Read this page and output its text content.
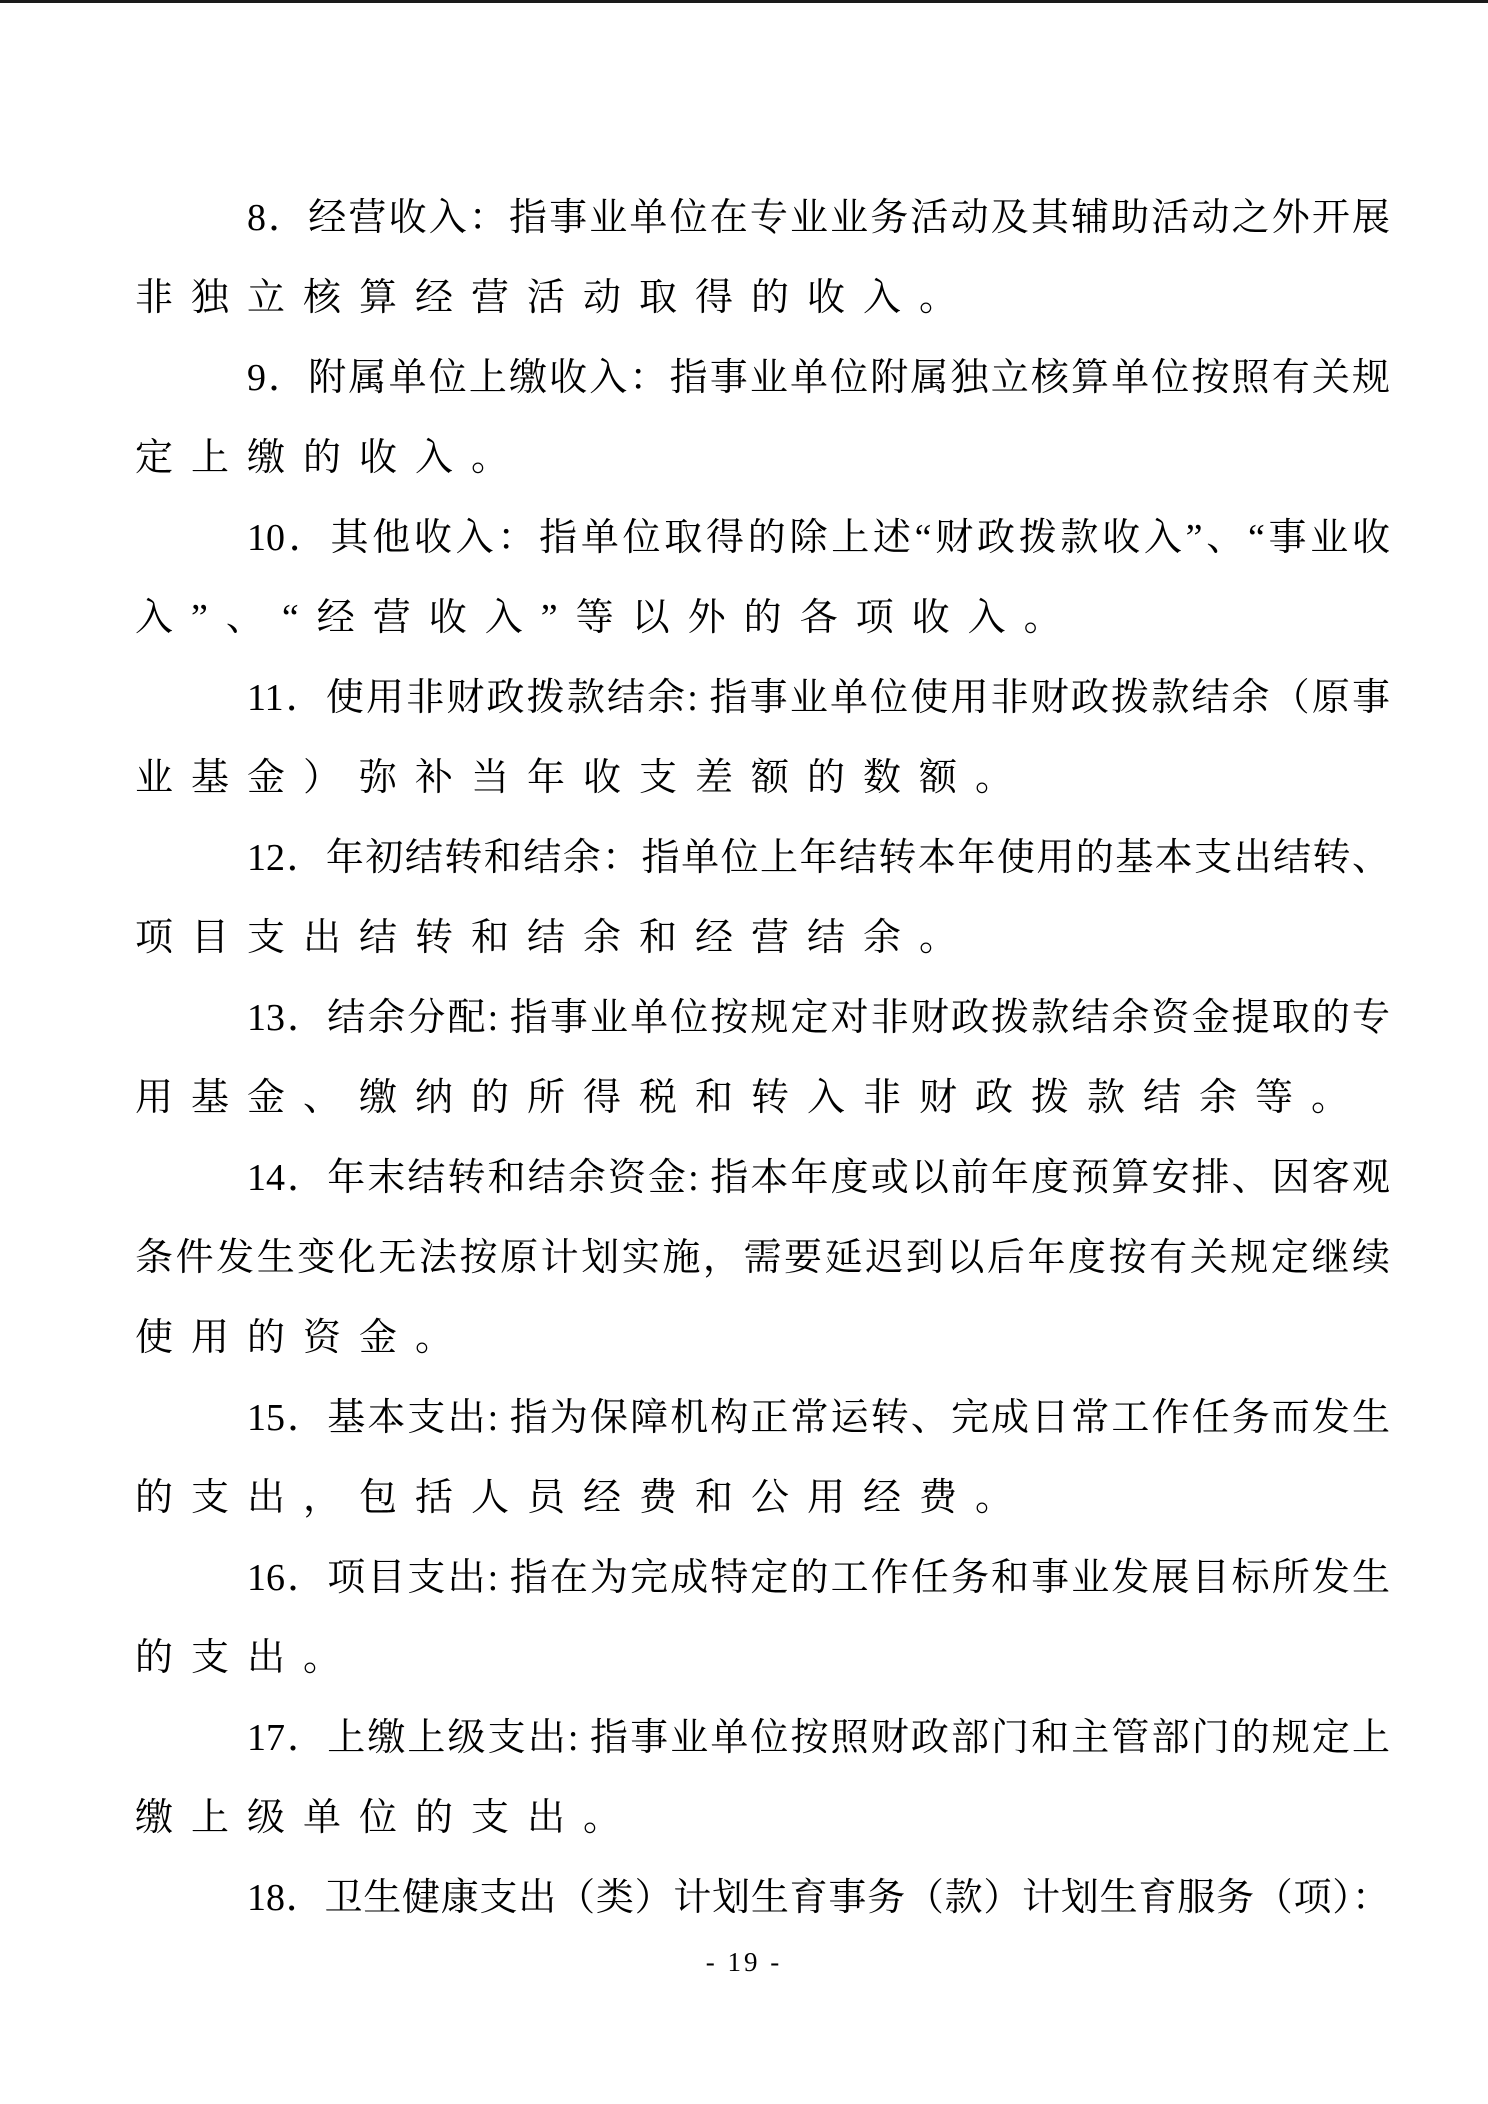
8．经营收入：指事业单位在专业业务活动及其辅助活动之外开展
非独立核算经营活动取得的收入。
9．附属单位上缴收入：指事业单位附属独立核算单位按照有关规
定上缴的收入。
10．其他收入：指单位取得的除上述“财政拨款收入”、“事业收
入”、“经营收入”等以外的各项收入。
11．使用非财政拨款结余: 指事业单位使用非财政拨款结余（原事
业基金）弥补当年收支差额的数额。
12．年初结转和结余：指单位上年结转本年使用的基本支出结转、
项目支出结转和结余和经营结余。
13．结余分配: 指事业单位按规定对非财政拨款结余资金提取的专
用基金、缴纳的所得税和转入非财政拨款结余等。
14．年末结转和结余资金: 指本年度或以前年度预算安排、因客观
条件发生变化无法按原计划实施，需要延迟到以后年度按有关规定继续
使用的资金。
15．基本支出: 指为保障机构正常运转、完成日常工作任务而发生
的支出，包括人员经费和公用经费。
16．项目支出: 指在为完成特定的工作任务和事业发展目标所发生
的支出。
17．上缴上级支出: 指事业单位按照财政部门和主管部门的规定上
缴上级单位的支出。
18．卫生健康支出（类）计划生育事务（款）计划生育服务（项）：
- 19 -
